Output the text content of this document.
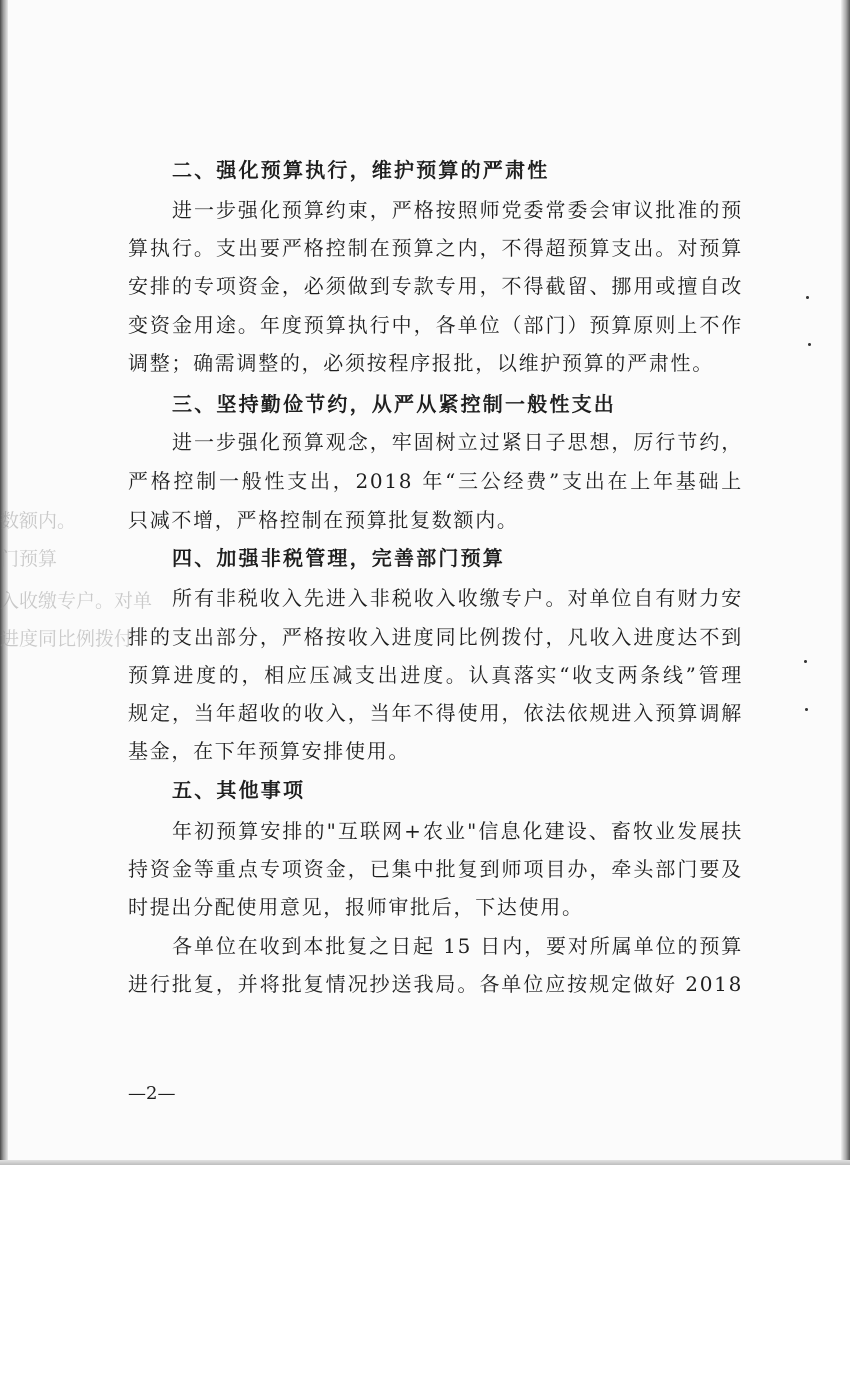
数额内。
门预算
入收缴专户。对单
进度同比例拨付
二、强化预算执行，维护预算的严肃性
进一步强化预算约束，严格按照师党委常委会审议批准的预
算执行。支出要严格控制在预算之内，不得超预算支出。对预算
安排的专项资金，必须做到专款专用，不得截留、挪用或擅自改
变资金用途。年度预算执行中，各单位（部门）预算原则上不作
调整；确需调整的，必须按程序报批，以维护预算的严肃性。
三、坚持勤俭节约，从严从紧控制一般性支出
进一步强化预算观念，牢固树立过紧日子思想，厉行节约，
严格控制一般性支出，2018 年“三公经费”支出在上年基础上
只减不增，严格控制在预算批复数额内。
四、加强非税管理，完善部门预算
所有非税收入先进入非税收入收缴专户。对单位自有财力安
排的支出部分，严格按收入进度同比例拨付，凡收入进度达不到
预算进度的，相应压减支出进度。认真落实“收支两条线”管理
规定，当年超收的收入，当年不得使用，依法依规进入预算调解
基金，在下年预算安排使用。
五、其他事项
年初预算安排的"互联网+农业"信息化建设、畜牧业发展扶
持资金等重点专项资金，已集中批复到师项目办，牵头部门要及
时提出分配使用意见，报师审批后，下达使用。
各单位在收到本批复之日起 15 日内，要对所属单位的预算
进行批复，并将批复情况抄送我局。各单位应按规定做好 2018
—2—
